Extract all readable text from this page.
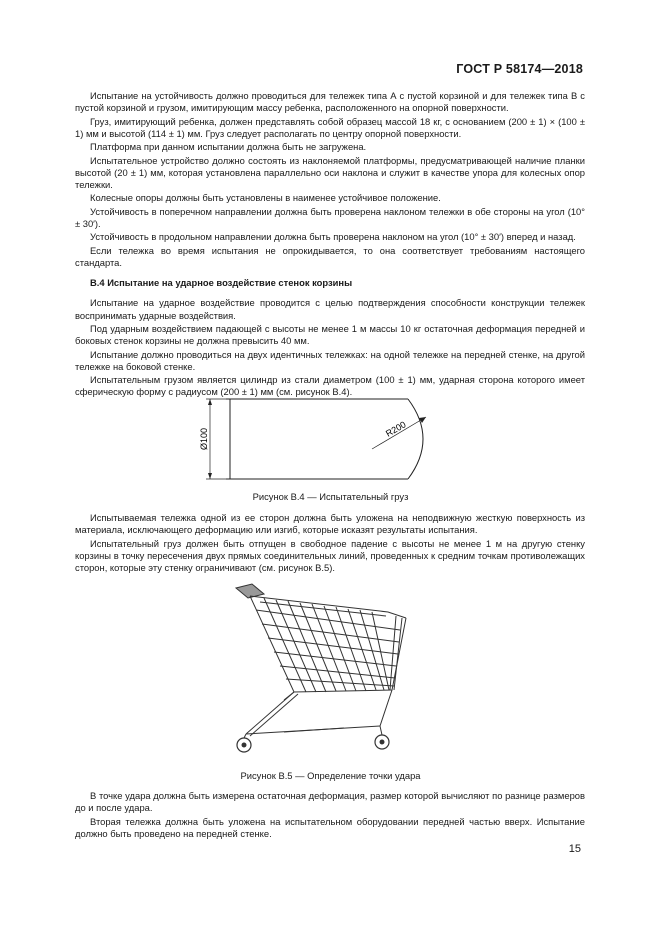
ГОСТ Р 58174—2018

Испытание на устойчивость должно проводиться для тележек типа А с пустой корзиной и для тележек типа В с пустой корзиной и грузом, имитирующим массу ребенка, расположенного на опорной поверхности.

Груз, имитирующий ребенка, должен представлять собой образец массой 18 кг, с основанием (200 ± 1) × (100 ± 1) мм и высотой (114 ± 1) мм. Груз следует располагать по центру опорной поверхности.

Платформа при данном испытании должна быть не загружена.

Испытательное устройство должно состоять из наклоняемой платформы, предусматривающей наличие планки высотой (20 ± 1) мм, которая установлена параллельно оси наклона и служит в качестве упора для колесных опор тележки.

Колесные опоры должны быть установлены в наименее устойчивое положение.

Устойчивость в поперечном направлении должна быть проверена наклоном тележки в обе стороны на угол (10° ± 30′).

Устойчивость в продольном направлении должна быть проверена наклоном на угол (10° ± 30′) вперед и назад.

Если тележка во время испытания не опрокидывается, то она соответствует требованиям настоящего стандарта.

В.4 Испытание на ударное воздействие стенок корзины

Испытание на ударное воздействие проводится с целью подтверждения способности конструкции тележек воспринимать ударные воздействия.

Под ударным воздействием падающей с высоты не менее 1 м массы 10 кг остаточная деформация передней и боковых стенок корзины не должна превысить 40 мм.

Испытание должно проводиться на двух идентичных тележках: на одной тележке на передней стенке, на другой тележке на боковой стенке.

Испытательным грузом является цилиндр из стали диаметром (100 ± 1) мм, ударная сторона которого имеет сферическую форму с радиусом (200 ± 1) мм (см. рисунок В.4).

Ø100	R200
Рисунок В.4 — Испытательный груз

Испытываемая тележка одной из ее сторон должна быть уложена на неподвижную жесткую поверхность из материала, исключающего деформацию или изгиб, которые исказят результаты испытания.

Испытательный груз должен быть отпущен в свободное падение с высоты не менее 1 м на другую стенку корзины в точку пересечения двух прямых соединительных линий, проведенных к средним точкам противолежащих сторон, которые эту стенку ограничивают (см. рисунок В.5).

Рисунок В.5 — Определение точки удара

В точке удара должна быть измерена остаточная деформация, размер которой вычисляют по разнице размеров до и после удара.

Вторая тележка должна быть уложена на испытательном оборудовании передней частью вверх. Испытание должно быть проведено на передней стенке.

15
